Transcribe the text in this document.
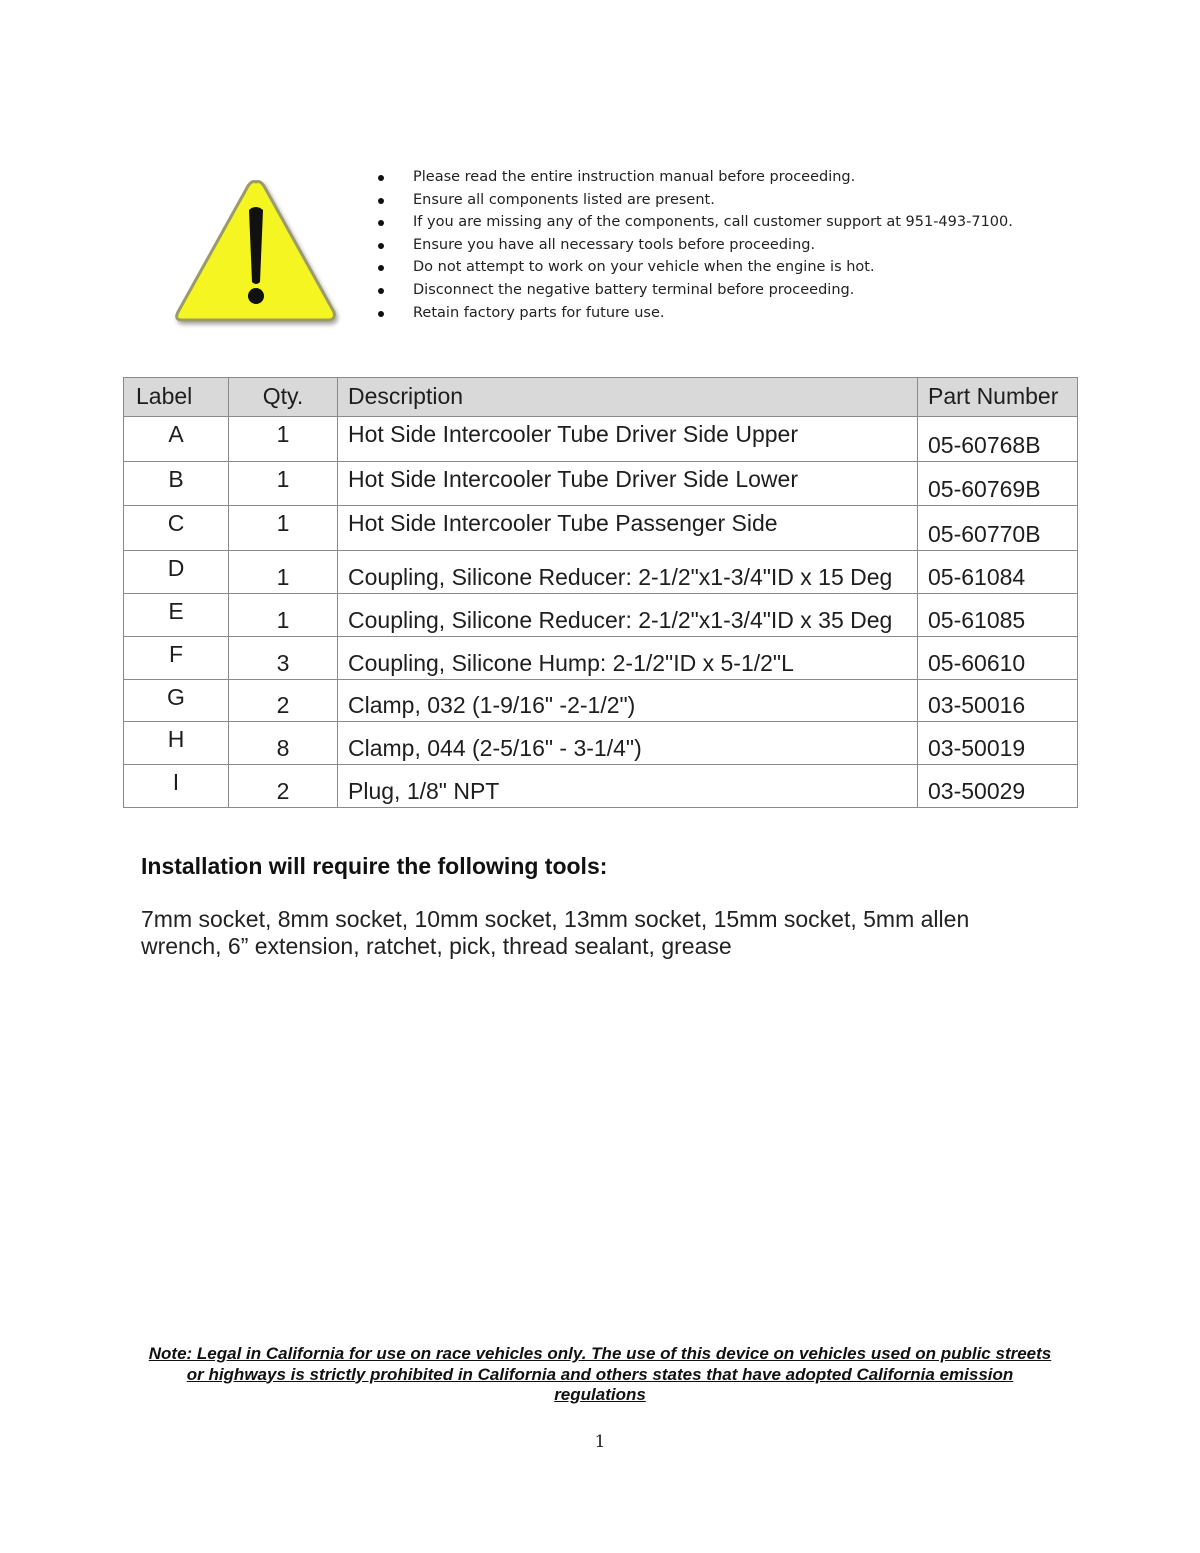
Please read the entire instruction manual before proceeding.
Ensure all components listed are present.
If you are missing any of the components, call customer support at 951-493-7100.
Ensure you have all necessary tools before proceeding.
Do not attempt to work on your vehicle when the engine is hot.
Disconnect the negative battery terminal before proceeding.
Retain factory parts for future use.
Label	Qty.	Description	Part Number
A	1	Hot Side Intercooler Tube Driver Side Upper	05-60768B
B	1	Hot Side Intercooler Tube Driver Side Lower	05-60769B
C	1	Hot Side Intercooler Tube Passenger Side	05-60770B
D	1	Coupling, Silicone Reducer: 2-1/2"x1-3/4"ID x 15 Deg	05-61084
E	1	Coupling, Silicone Reducer: 2-1/2"x1-3/4"ID x 35 Deg	05-61085
F	3	Coupling, Silicone Hump: 2-1/2"ID x 5-1/2"L	05-60610
G	2	Clamp, 032 (1-9/16" -2-1/2")	03-50016
H	8	Clamp, 044 (2-5/16" - 3-1/4")	03-50019
I	2	Plug, 1/8" NPT	03-50029
Installation will require the following tools:

7mm socket, 8mm socket, 10mm socket, 13mm socket, 15mm socket, 5mm allen wrench, 6” extension, ratchet, pick, thread sealant, grease

Note: Legal in California for use on race vehicles only. The use of this device on vehicles used on public streets or highways is strictly prohibited in California and others states that have adopted California emission regulations

1
